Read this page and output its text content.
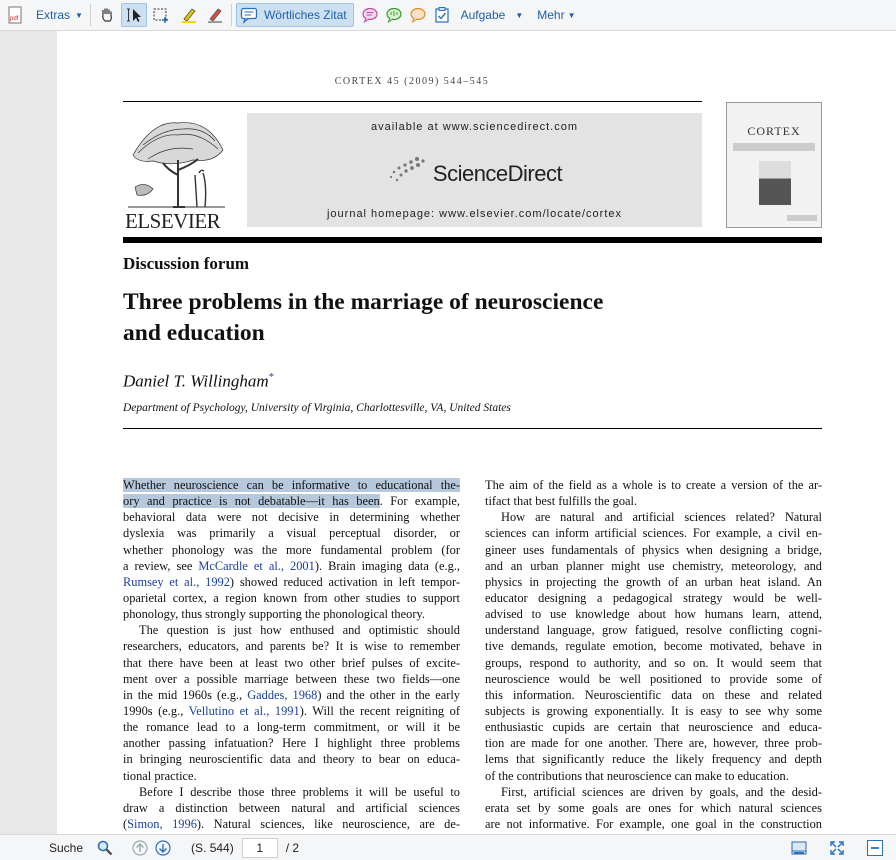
pdf Extras ▼	Wörtliches Zitat	Aufgabe ▼ Mehr ▼
CORTEX 45 (2009) 544–545
ELSEVIER
available at www.sciencedirect.com
ScienceDirect
journal homepage: www.elsevier.com/locate/cortex
CORTEX
Discussion forum
Three problems in the marriage of neuroscience
and education
Daniel T. Willingham*
Department of Psychology, University of Virginia, Charlottesville, VA, United States
Whether neuroscience can be informative to educational the-
ory and practice is not debatable—it has been. For example,
behavioral data were not decisive in determining whether
dyslexia was primarily a visual perceptual disorder, or
whether phonology was the more fundamental problem (for
a review, see McCardle et al., 2001). Brain imaging data (e.g.,
Rumsey et al., 1992) showed reduced activation in left tempor-
oparietal cortex, a region known from other studies to support
phonology, thus strongly supporting the phonological theory.
The question is just how enthused and optimistic should
researchers, educators, and parents be? It is wise to remember
that there have been at least two other brief pulses of excite-
ment over a possible marriage between these two fields—one
in the mid 1960s (e.g., Gaddes, 1968) and the other in the early
1990s (e.g., Vellutino et al., 1991). Will the recent reigniting of
the romance lead to a long-term commitment, or will it be
another passing infatuation? Here I highlight three problems
in bringing neuroscientific data and theory to bear on educa-
tional practice.
Before I describe those three problems it will be useful to
draw a distinction between natural and artificial sciences
(Simon, 1996). Natural sciences, like neuroscience, are de-
The aim of the field as a whole is to create a version of the ar-
tifact that best fulfills the goal.
How are natural and artificial sciences related? Natural
sciences can inform artificial sciences. For example, a civil en-
gineer uses fundamentals of physics when designing a bridge,
and an urban planner might use chemistry, meteorology, and
physics in projecting the growth of an urban heat island. An
educator designing a pedagogical strategy would be well-
advised to use knowledge about how humans learn, attend,
understand language, grow fatigued, resolve conflicting cogni-
tive demands, regulate emotion, become motivated, behave in
groups, respond to authority, and so on. It would seem that
neuroscience would be well positioned to provide some of
this information. Neuroscientific data on these and related
subjects is growing exponentially. It is easy to see why some
enthusiastic cupids are certain that neuroscience and educa-
tion are made for one another. There are, however, three prob-
lems that significantly reduce the likely frequency and depth
of the contributions that neuroscience can make to education.
First, artificial sciences are driven by goals, and the desid-
erata set by some goals are ones for which natural sciences
are not informative. For example, one goal in the construction
Suche	(S. 544)	1	/ 2
